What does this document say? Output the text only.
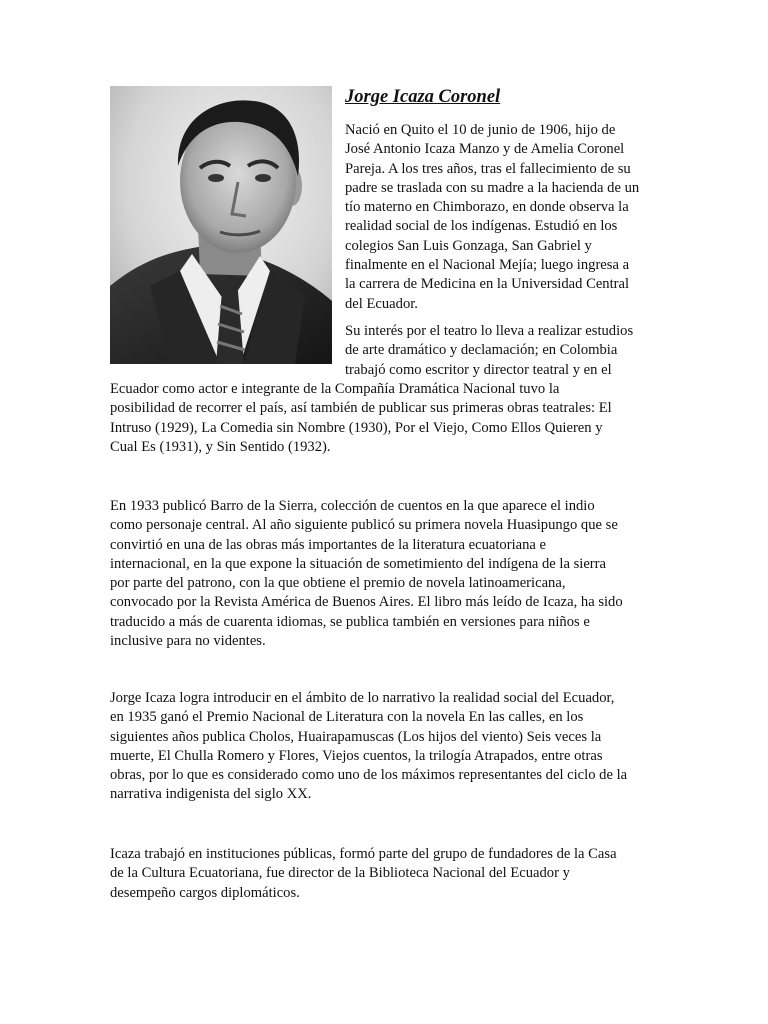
Jorge Icaza Coronel
Nació en Quito el 10 de junio de 1906, hijo de
José Antonio Icaza Manzo y de Amelia Coronel
Pareja. A los tres años, tras el fallecimiento de su
padre se traslada con su madre a la hacienda de un
tío materno en Chimborazo, en donde observa la
realidad social de los indígenas. Estudió en los
colegios San Luis Gonzaga, San Gabriel y
finalmente en el Nacional Mejía; luego ingresa a
la carrera de Medicina en la Universidad Central
del Ecuador.
Su interés por el teatro lo lleva a realizar estudios
de arte dramático y declamación; en Colombia
trabajó como escritor y director teatral y en el
Ecuador como actor e integrante de la Compañía Dramática Nacional tuvo la
posibilidad de recorrer el país, así también de publicar sus primeras obras teatrales: El
Intruso (1929), La Comedia sin Nombre (1930), Por el Viejo, Como Ellos Quieren y
Cual Es (1931), y Sin Sentido (1932).
En 1933 publicó Barro de la Sierra, colección de cuentos en la que aparece el indio
como personaje central. Al año siguiente publicó su primera novela Huasipungo que se
convirtió en una de las obras más importantes de la literatura ecuatoriana e
internacional, en la que expone la situación de sometimiento del indígena de la sierra
por parte del patrono, con la que obtiene el premio de novela latinoamericana,
convocado por la Revista América de Buenos Aires. El libro más leído de Icaza, ha sido
traducido a más de cuarenta idiomas, se publica también en versiones para niños e
inclusive para no videntes.
Jorge Icaza logra introducir en el ámbito de lo narrativo la realidad social del Ecuador,
en 1935 ganó el Premio Nacional de Literatura con la novela En las calles, en los
siguientes años publica Cholos, Huairapamuscas (Los hijos del viento) Seis veces la
muerte, El Chulla Romero y Flores, Viejos cuentos, la trilogía Atrapados, entre otras
obras, por lo que es considerado como uno de los máximos representantes del ciclo de la
narrativa indigenista del siglo XX.
Icaza trabajó en instituciones públicas, formó parte del grupo de fundadores de la Casa
de la Cultura Ecuatoriana, fue director de la Biblioteca Nacional del Ecuador y
desempeño cargos diplomáticos.
